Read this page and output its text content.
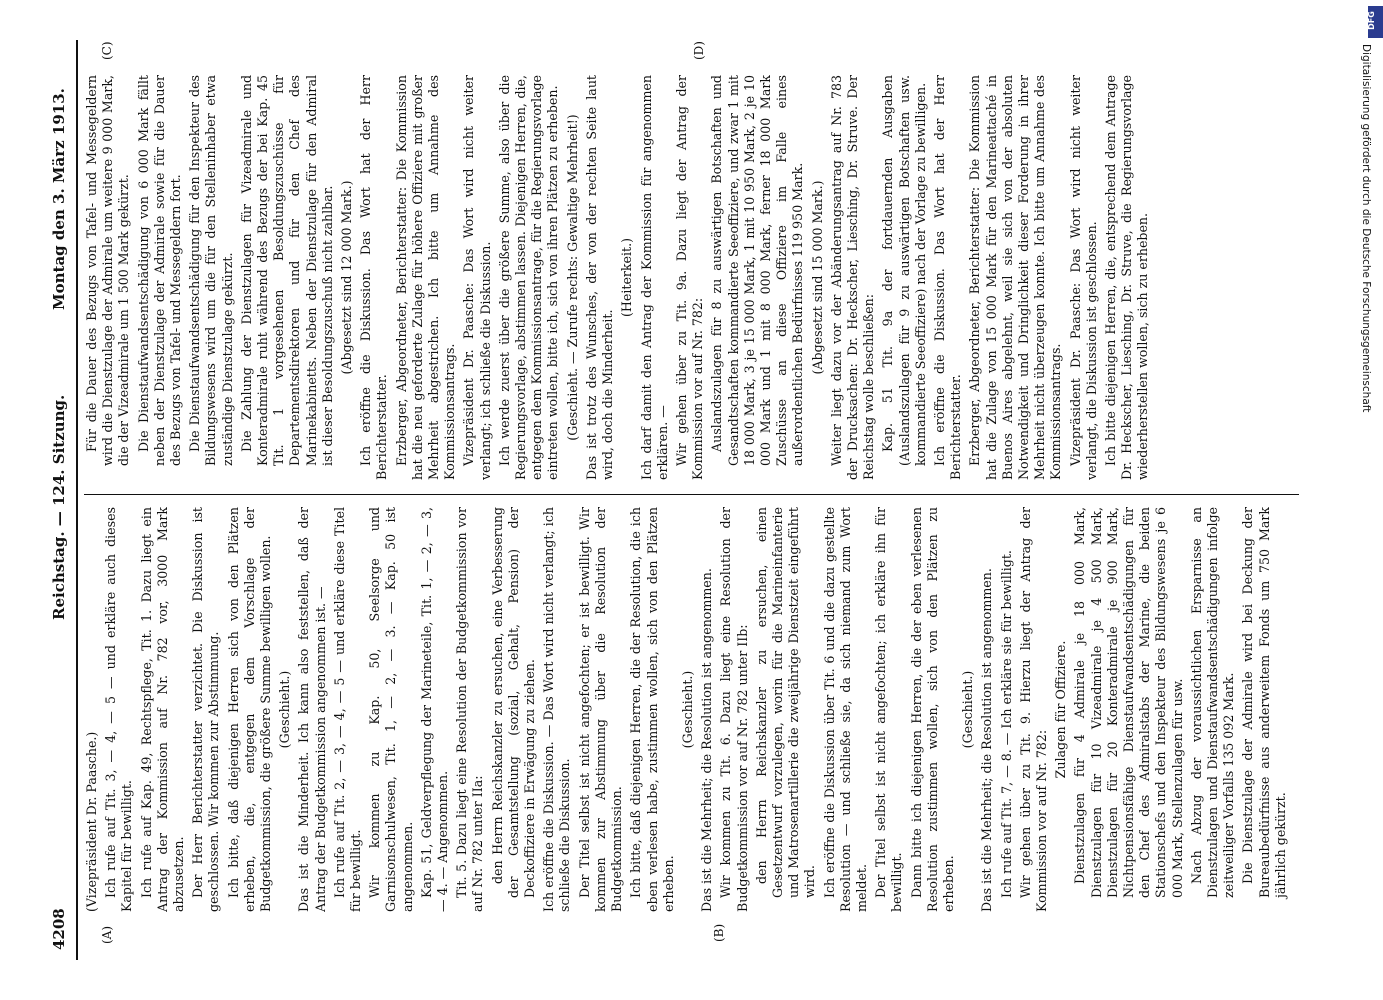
4208
Reichstag. — 124. Sitzung.
Montag den 3. März 1913.
(A)	(B)
(C)	(D)

(Vizepräsident Dr. Paasche.) Ich rufe auf Tit. 3, — 4, — 5 — und erkläre auch dieses Kapitel für bewilligt. Ich rufe auf Kap. 49, Rechtspflege, Tit. 1. Dazu liegt ein Antrag der Kommission auf Nr. 782 vor, 3000 Mark abzusetzen. Der Herr Berichterstatter verzichtet. Die Diskussion ist geschlossen. Wir kommen zur Abstimmung. Ich bitte, daß diejenigen Herren sich von den Plätzen erheben, die, entgegen dem Vorschlage der Budgetkommission, die größere Summe bewilligen wollen. (Geschieht.) Das ist die Minderheit. Ich kann also feststellen, daß der Antrag der Budgetkommission angenommen ist. — Ich rufe auf Tit. 2, — 3, — 4, — 5 — und erkläre diese Titel für bewilligt. Wir kommen zu Kap. 50, Seelsorge und Garnisonschulwesen, Tit. 1, — 2, — 3. — Kap. 50 ist angenommen. Kap. 51, Geldverpflegung der Marineteile, Tit. 1, — 2, — 3, — 4. — Angenommen. Tit. 5. Dazu liegt eine Resolution der Budgetkommission vor auf Nr. 782 unter IIa: den Herrn Reichskanzler zu ersuchen, eine Verbesserung der Gesamtstellung (sozial, Gehalt, Pension) der Deckoffiziere in Erwägung zu ziehen. Ich eröffne die Diskussion. — Das Wort wird nicht verlangt; ich schließe die Diskussion. Der Titel selbst ist nicht angefochten; er ist bewilligt. Wir kommen zur Abstimmung über die Resolution der Budgetkommission. Ich bitte, daß diejenigen Herren, die der Resolution, die ich eben verlesen habe, zustimmen wollen, sich von den Plätzen erheben.

(Geschieht.) Das ist die Mehrheit; die Resolution ist angenommen. Wir kommen zu Tit. 6. Dazu liegt eine Resolution der Budgetkommission vor auf Nr. 782 unter IIb: den Herrn Reichskanzler zu ersuchen, einen Gesetzentwurf vorzulegen, worin für die Marineinfanterie und Matrosenartillerie die zweijährige Dienstzeit eingeführt wird. Ich eröffne die Diskussion über Tit. 6 und die dazu gestellte Resolution — und schließe sie, da sich niemand zum Wort meldet. Der Titel selbst ist nicht angefochten; ich erkläre ihn für bewilligt. Dann bitte ich diejenigen Herren, die der eben verlesenen Resolution zustimmen wollen, sich von den Plätzen zu erheben.

(Geschieht.) Das ist die Mehrheit; die Resolution ist angenommen. Ich rufe auf Tit. 7, — 8. — Ich erkläre sie für bewilligt. Wir gehen über zu Tit. 9. Hierzu liegt der Antrag der Kommission vor auf Nr. 782:

Zulagen für Offiziere. Dienstzulagen für 4 Admirale je 18 000 Mark, Dienstzulagen für 10 Vizeadmirale je 4 500 Mark, Dienstzulagen für 20 Konteradmirale je 900 Mark, Nichtpensionsfähige Dienstaufwandsentschädigungen für den Chef des Admiralstabs der Marine, die beiden Stationschefs und den Inspekteur des Bildungswesens je 6 000 Mark, Stellenzulagen für usw. Nach Abzug der voraussichtlichen Ersparnisse an Dienstzulagen und Dienstaufwandsentschädigungen infolge zeitweiliger Vorfalls 135 092 Mark. Die Dienstzulage der Admirale wird bei Deckung der Bureaubedürfnisse aus anderweitem Fonds um 750 Mark jährlich gekürzt.

Für die Dauer des Bezugs von Tafel- und Messegeldern wird die Dienstzulage der Admirale um weitere 9 000 Mark, die der Vizeadmirale um 1 500 Mark gekürzt. Die Dienstaufwandsentschädigung von 6 000 Mark fällt neben der Dienstzulage der Admirale sowie für die Dauer des Bezugs von Tafel- und Messegeldern fort. Die Dienstaufwandsentschädigung für den Inspekteur des Bildungswesens wird um die für den Stelleninhaber etwa zuständige Dienstzulage gekürzt. Die Zahlung der Dienstzulagen für Vizeadmirale und Konteradmirale ruht während des Bezugs der bei Kap. 45 Tit. 1 vorgesehenen Besoldungszuschüsse für Departementsdirektoren und für den Chef des Marinekabinetts. Neben der Dienstzulage für den Admiral ist dieser Besoldungszuschuß nicht zahlbar. (Abgesetzt sind 12 000 Mark.) Ich eröffne die Diskussion. Das Wort hat der Herr Berichterstatter. Erzberger, Abgeordneter, Berichterstatter: Die Kommission hat die neu geforderte Zulage für höhere Offiziere mit großer Mehrheit abgestrichen. Ich bitte um Annahme des Kommissionsantrags. Vizepräsident Dr. Paasche: Das Wort wird nicht weiter verlangt; ich schließe die Diskussion. Ich werde zuerst über die größere Summe, also über die Regierungsvorlage, abstimmen lassen. Diejenigen Herren, die, entgegen dem Kommissionsantrage, für die Regierungsvorlage eintreten wollen, bitte ich, sich von ihren Plätzen zu erheben. (Geschieht. — Zurufe rechts: Gewaltige Mehrheit!) Das ist trotz des Wunsches, der von der rechten Seite laut wird, doch die Minderheit.

(Heiterkeit.) Ich darf damit den Antrag der Kommission für angenommen erklären. — Wir gehen über zu Tit. 9a. Dazu liegt der Antrag der Kommission vor auf Nr. 782: Auslandszulagen für 8 zu auswärtigen Botschaften und Gesandtschaften kommandierte Seeoffiziere, und zwar 1 mit 18 000 Mark, 3 je 15 000 Mark, 1 mit 10 950 Mark, 2 je 10 000 Mark und 1 mit 8 000 Mark, ferner 18 000 Mark Zuschüsse an diese Offiziere im Falle eines außerordentlichen Bedürfnisses 119 950 Mark. (Abgesetzt sind 15 000 Mark.) Weiter liegt dazu vor der Abänderungsantrag auf Nr. 783 der Drucksachen: Dr. Heckscher, Liesching, Dr. Struve. Der Reichstag wolle beschließen: Kap. 51 Tit. 9a der fortdauernden Ausgaben (Auslandszulagen für 9 zu auswärtigen Botschaften usw. kommandierte Seeoffiziere) nach der Vorlage zu bewilligen. Ich eröffne die Diskussion. Das Wort hat der Herr Berichterstatter. Erzberger, Abgeordneter, Berichterstatter: Die Kommission hat die Zulage von 15 000 Mark für den Marineattaché in Buenos Aires abgelehnt, weil sie sich von der absoluten Notwendigkeit und Dringlichkeit dieser Forderung in ihrer Mehrheit nicht überzeugen konnte. Ich bitte um Annahme des Kommissionsantrags. Vizepräsident Dr. Paasche: Das Wort wird nicht weiter verlangt, die Diskussion ist geschlossen. Ich bitte diejenigen Herren, die, entsprechend dem Antrage Dr. Heckscher, Liesching, Dr. Struve, die Regierungsvorlage wiederherstellen wollen, sich zu erheben.

DFG
Digitalisierung gefördert durch die Deutsche Forschungsgemeinschaft
